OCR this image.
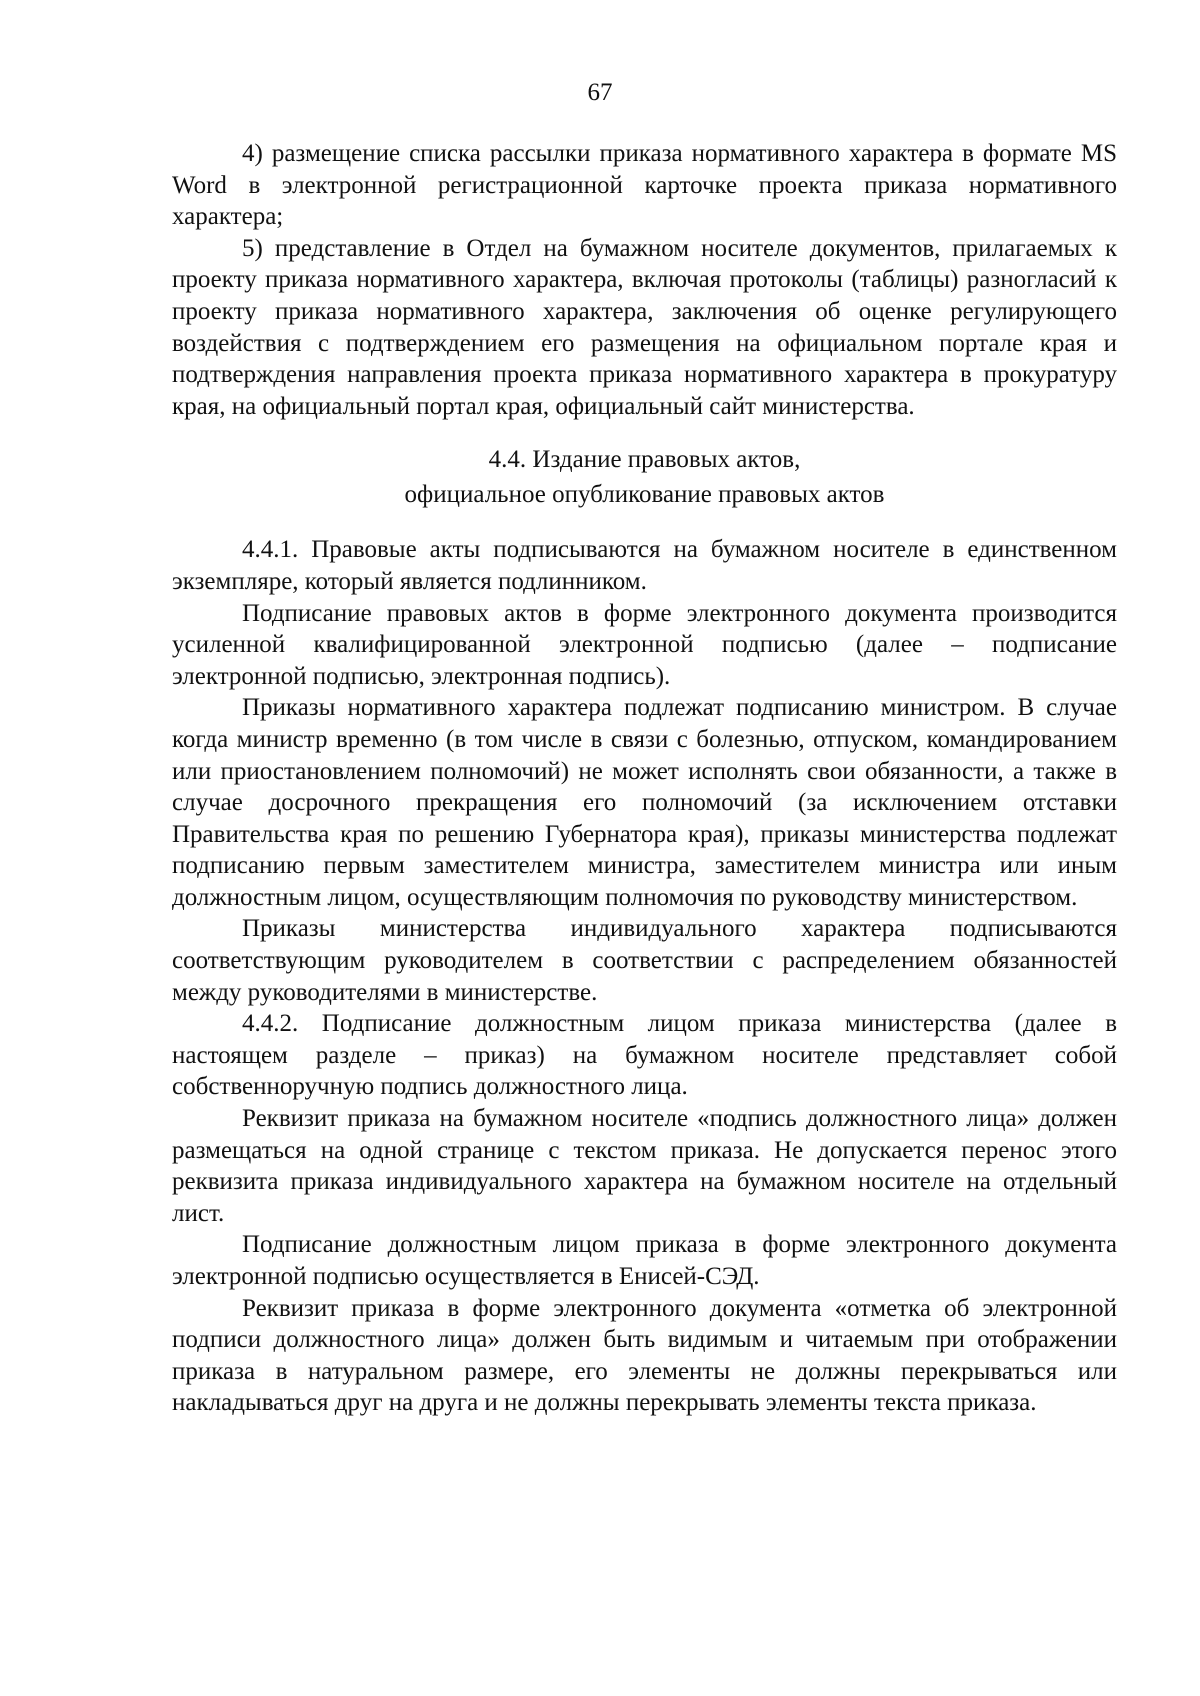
67

4) размещение списка рассылки приказа нормативного характера в формате MS Word в электронной регистрационной карточке проекта приказа нормативного характера;

5) представление в Отдел на бумажном носителе документов, прилагаемых к проекту приказа нормативного характера, включая протоколы (таблицы) разногласий к проекту приказа нормативного характера, заключения об оценке регулирующего воздействия с подтверждением его размещения на официальном портале края и подтверждения направления проекта приказа нормативного характера в прокуратуру края, на официальный портал края, официальный сайт министерства.

4.4. Издание правовых актов,

официальное опубликование правовых актов

4.4.1. Правовые акты подписываются на бумажном носителе в единственном экземпляре, который является подлинником.

Подписание правовых актов в форме электронного документа производится усиленной квалифицированной электронной подписью (далее – подписание электронной подписью, электронная подпись).

Приказы нормативного характера подлежат подписанию министром. В случае когда министр временно (в том числе в связи с болезнью, отпуском, командированием или приостановлением полномочий) не может исполнять свои обязанности, а также в случае досрочного прекращения его полномочий (за исключением отставки Правительства края по решению Губернатора края), приказы министерства подлежат подписанию первым заместителем министра, заместителем министра или иным должностным лицом, осуществляющим полномочия по руководству министерством.

Приказы министерства индивидуального характера подписываются соответствующим руководителем в соответствии с распределением обязанностей между руководителями в министерстве.

4.4.2. Подписание должностным лицом приказа министерства (далее в настоящем разделе – приказ) на бумажном носителе представляет собой собственноручную подпись должностного лица.

Реквизит приказа на бумажном носителе «подпись должностного лица» должен размещаться на одной странице с текстом приказа. Не допускается перенос этого реквизита приказа индивидуального характера на бумажном носителе на отдельный лист.

Подписание должностным лицом приказа в форме электронного документа электронной подписью осуществляется в Енисей-СЭД.

Реквизит приказа в форме электронного документа «отметка об электронной подписи должностного лица» должен быть видимым и читаемым при отображении приказа в натуральном размере, его элементы не должны перекрываться или накладываться друг на друга и не должны перекрывать элементы текста приказа.
